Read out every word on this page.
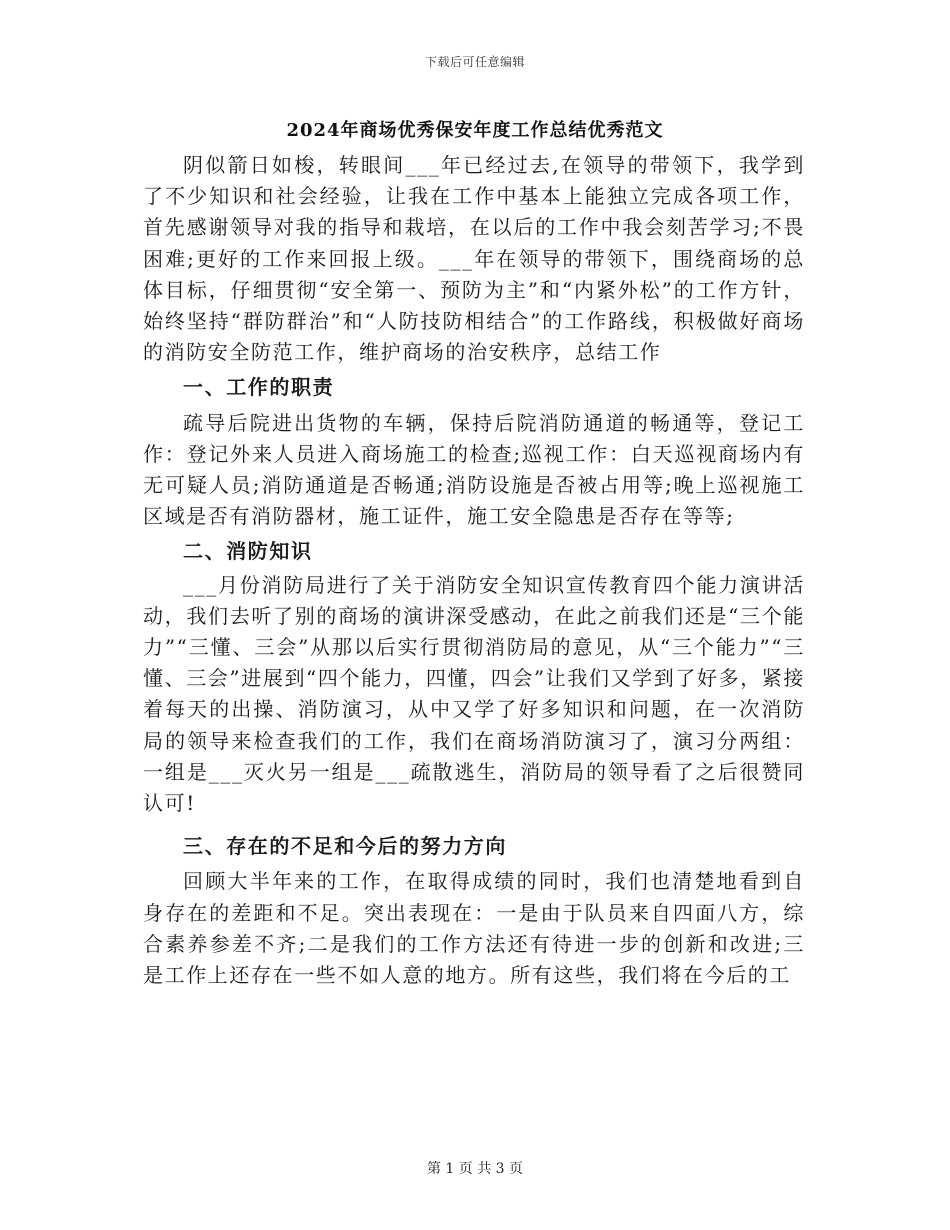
下载后可任意编辑
2024年商场优秀保安年度工作总结优秀范文

阴似箭日如梭，转眼间___年已经过去,在领导的带领下，我学到了不少知识和社会经验，让我在工作中基本上能独立完成各项工作，首先感谢领导对我的指导和栽培，在以后的工作中我会刻苦学习;不畏困难;更好的工作来回报上级。___年在领导的带领下，围绕商场的总体目标，仔细贯彻“安全第一、预防为主”和“内紧外松”的工作方针，始终坚持“群防群治”和“人防技防相结合”的工作路线，积极做好商场的消防安全防范工作，维护商场的治安秩序，总结工作

一、工作的职责

疏导后院进出货物的车辆，保持后院消防通道的畅通等，登记工作：登记外来人员进入商场施工的检查;巡视工作：白天巡视商场内有无可疑人员;消防通道是否畅通;消防设施是否被占用等;晚上巡视施工区域是否有消防器材，施工证件，施工安全隐患是否存在等等;

二、消防知识

___月份消防局进行了关于消防安全知识宣传教育四个能力演讲活动，我们去听了别的商场的演讲深受感动，在此之前我们还是“三个能力”“三懂、三会”从那以后实行贯彻消防局的意见，从“三个能力”“三懂、三会”进展到“四个能力，四懂，四会”让我们又学到了好多，紧接着每天的出操、消防演习，从中又学了好多知识和问题，在一次消防局的领导来检查我们的工作，我们在商场消防演习了，演习分两组：一组是___灭火另一组是___疏散逃生，消防局的领导看了之后很赞同认可!

三、存在的不足和今后的努力方向

回顾大半年来的工作，在取得成绩的同时，我们也清楚地看到自身存在的差距和不足。突出表现在：一是由于队员来自四面八方，综合素养参差不齐;二是我们的工作方法还有待进一步的创新和改进;三是工作上还存在一些不如人意的地方。所有这些，我们将在今后的工

第 1 页 共 3 页
